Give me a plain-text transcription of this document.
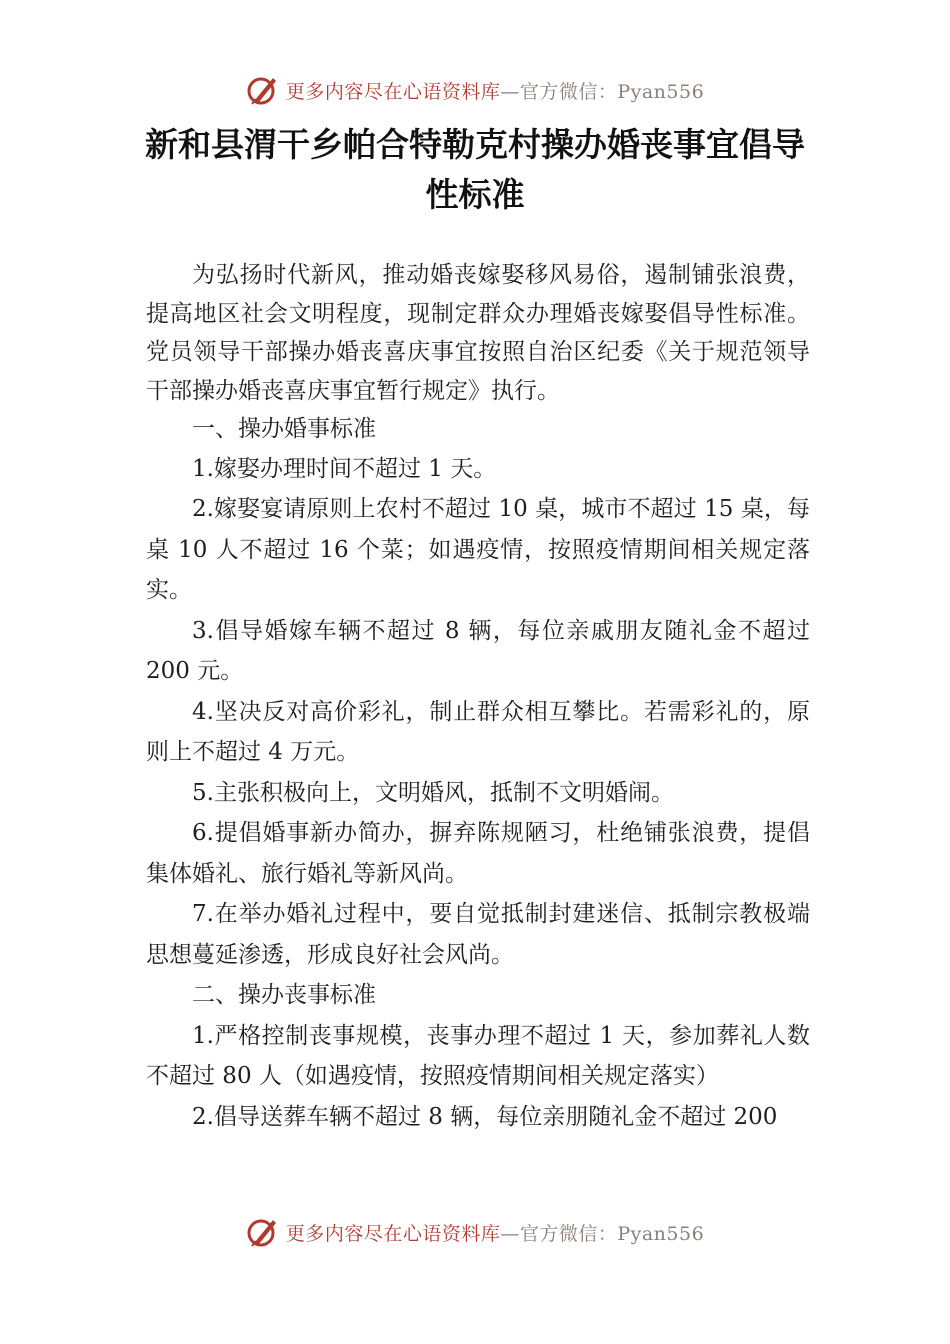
更多内容尽在心语资料库—官方微信：Pyan556
新和县渭干乡帕合特勒克村操办婚丧事宜倡导性标准

为弘扬时代新风，推动婚丧嫁娶移风易俗，遏制铺张浪费，提高地区社会文明程度，现制定群众办理婚丧嫁娶倡导性标准。党员领导干部操办婚丧喜庆事宜按照自治区纪委《关于规范领导干部操办婚丧喜庆事宜暂行规定》执行。

一、操办婚事标准

1.嫁娶办理时间不超过 1 天。

2.嫁娶宴请原则上农村不超过 10 桌，城市不超过 15 桌，每桌 10 人不超过 16 个菜；如遇疫情，按照疫情期间相关规定落实。

3.倡导婚嫁车辆不超过 8 辆，每位亲戚朋友随礼金不超过 200 元。

4.坚决反对高价彩礼，制止群众相互攀比。若需彩礼的，原则上不超过 4 万元。

5.主张积极向上，文明婚风，抵制不文明婚闹。

6.提倡婚事新办简办，摒弃陈规陋习，杜绝铺张浪费，提倡集体婚礼、旅行婚礼等新风尚。

7.在举办婚礼过程中，要自觉抵制封建迷信、抵制宗教极端思想蔓延渗透，形成良好社会风尚。

二、操办丧事标准

1.严格控制丧事规模，丧事办理不超过 1 天，参加葬礼人数不超过 80 人（如遇疫情，按照疫情期间相关规定落实）

2.倡导送葬车辆不超过 8 辆，每位亲朋随礼金不超过 200

更多内容尽在心语资料库—官方微信：Pyan556
